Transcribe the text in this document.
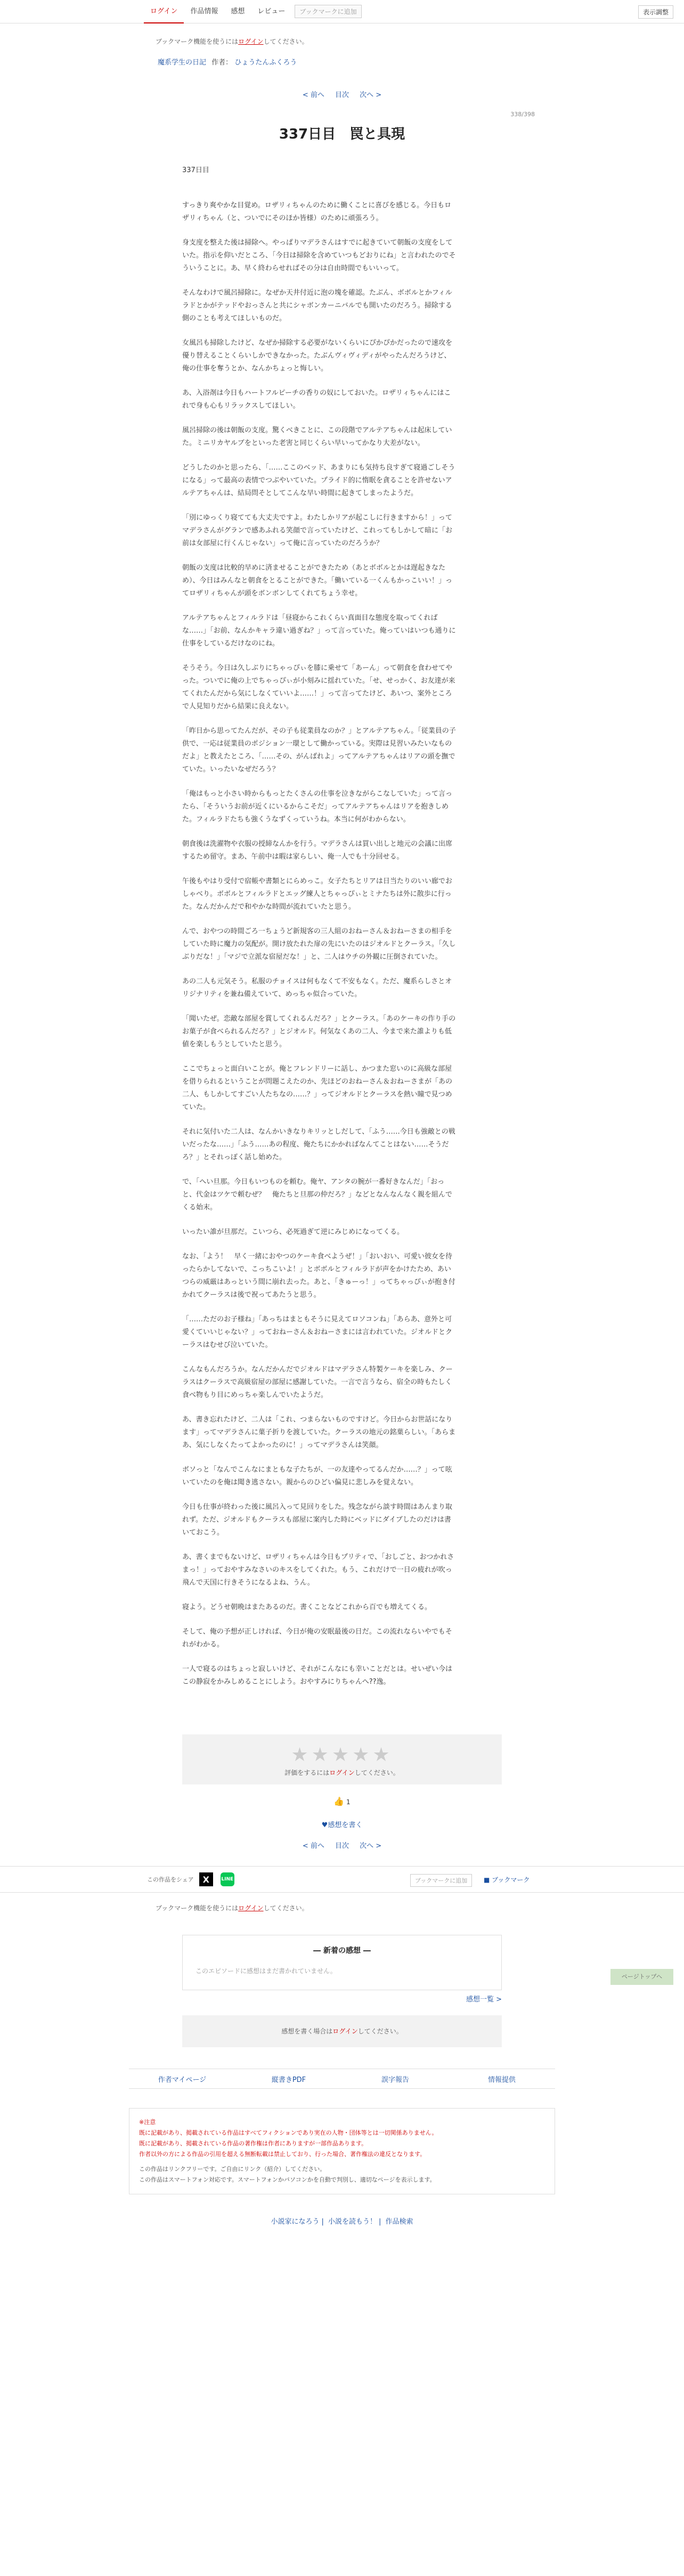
ログイン	作品情報	感想	レビュー	ブックマークに追加	表示調整
ブックマーク機能を使うにはログインしてください。
魔系学生の日記 作者： ひょうたんふくろう
< 前へ 目次 次へ >
338/398
337日目　罠と具現

337日目

すっきり爽やかな目覚め。ロザリィちゃんのために働くことに喜びを感じる。今日もロザリィちゃん（と、ついでにそのほか皆様）のために頑張ろう。

身支度を整えた後は掃除へ。やっぱりマデラさんはすでに起きていて朝飯の支度をしていた。指示を仰いだところ、「今日は掃除を含めていつもどおりにね」と言われたのでそういうことに。あ、早く終わらせればその分は自由時間でもいいって。

そんなわけで風呂掃除に。なぜか天井付近に泡の塊を確認。たぶん、ボボルとかフィルラドとかがテッドやおっさんと共にシャボンカーニバルでも開いたのだろう。掃除する側のことも考えてほしいものだ。

女風呂も掃除したけど、なぜか掃除する必要がないくらいにぴかぴかだったので速攻を優り替えることくらいしかできなかった。たぶんヴィヴィディがやったんだろうけど、俺の仕事を奪うとか、なんかちょっと悔しい。

あ、入浴剤は今日もハートフルピーチの香りの奴にしておいた。ロザリィちゃんにはこれで身も心もリラックスしてほしい。

風呂掃除の後は朝飯の支度。驚くべきことに、この段階でアルテアちゃんは起床していた。ミニリカヤルブをといった老害と同じくらい早いってかなり大差がない。

どうしたのかと思ったら、「……ここのベッド、あまりにも気持ち良すぎて寝過ごしそうになる」って最高の表情でつぶやいていた。プライド的に惰眠を貪ることを許せないアルテアちゃんは、結局問そとしてこんな早い時間に起きてしまったようだ。

「別にゆっくり寝てても大丈夫ですよ。わたしかリアが起こしに行きますから！」ってマデラさんがグランで感あふれる笑顔で言っていたけど、これってもしかして暗に「お前は女部屋に行くんじゃない」って俺に言っていたのだろうか？

朝飯の支度は比較的早めに済ませることができたため（あとボボルとかは遅起きなため）、今日はみんなと朝食をとることができた。「働いている一くんもかっこいい！」ってロザリィちゃんが頭をボンボンしてくれてちょう幸せ。

アルテアちゃんとフィルラドは「昼寝からこれくらい真面目な態度を取ってくればな……」「お前、なんかキャラ違い過ぎね？」って言っていた。俺っていはいつも通りに仕事をしているだけなのにね。

そうそう。今日は久しぶりにちゃっぴぃを膝に乗せて「あーん」って朝食を食わせてやった。ついでに俺の上でちゃっぴぃが小刻みに揺れていた。「せ、せっかく、お友達が来てくれたんだから気にしなくていいよ……！」って言ってたけど、あいつ、案外ところで人見知りだから結果に良えない。

「昨日から思ってたんだが、その子も従業員なのか？」とアルテアちゃん。「従業員の子供で、一応は従業員のポジション一環として働かっている。実際は見習いみたいなものだよ」と教えたところ、「……その、がんばれよ」ってアルテアちゃんはリアの頭を撫でていた。いったいなぜだろう？

「俺はもっと小さい時からもっとたくさんの仕事を泣きながらこなしていた」って言ったら、「そういうお前が近くにいるからこそだ」ってアルテアちゃんはリアを抱きしめた。フィルラドたちも強くうなずくっていうね。本当に何がわからない。

朝食後は洗濯物や衣服の授締なんかを行う。マデラさんは買い出しと地元の会議に出席するため留守。まあ、午前中は暇は家らしい、俺一人でも十分回せる。

午後もやはり受付で宿帳や書類とにらめっこ。女子たちとリアは日当たりのいい廊でおしゃべり。ボボルとフィルラドとエッグ練人とちゃっぴぃとミナたちは外に散歩に行った。なんだかんだで和やかな時間が流れていたと思う。

んで、おやつの時間ごろ一ちょうど新規客の三人組のおねーさん＆おねーさまの相手をしていた時に魔力の気配が。開け放たれた扉の先にいたのはジオルドとクーラス。「久しぶりだな！」「マジで立派な宿屋だな！」と、二人はウチの外観に圧倒されていた。

あの二人も元気そう。私服のチョイスは何もなくて不安もなく。ただ、魔系らしさとオリジナリティを兼ね備えていて、めっちゃ似合っていた。

「聞いたぜ。恋敵な部屋を賞してくれるんだろ？」とクーラス。「あのケーキの作り手のお菓子が食べられるんだろ？」とジオルド。何気なくあの二人、今まで来た誰よりも低値を楽しもうとしていたと思う。

ここでちょっと面白いことが。俺とフレンドリーに話し、かつまた窓いのに高級な部屋を借りられるということが問題こえたのか、先ほどのおねーさん＆おねーさまが「あの二人、もしかしてすごい人たちなの……？」ってジオルドとクーラスを熱い瞳で見つめていた。

それに気付いた二人は、なんかいきなりキリッとしだして、「ふう……今日も強敵との戦いだったな……」「ふう……あの程度、俺たちにかかればなんてことはない……そうだろ？」とそれっぽく話し始めた。

で、「へい旦那。今日もいつものを頼む。俺ヤ、アンタの腕が一番好きなんだ」「おっと、代金はツケで頼むぜ？　俺たちと旦那の仲だろ？」などとなんなんなく親を組んでくる始末。

いったい誰が旦那だ。こいつら、必死過ぎて逆にみじめになってくる。

なお、「よう！　早く一緒におやつのケーキ食べようぜ！」「おいおい、可愛い彼女を待ったらかしてないで、こっちこいよ！」とボボルとフィルラドが声をかけたため、あいつらの威厳はあっという間に崩れ去った。あと、「きゅーっ！」ってちゃっぴぃが抱き付かれてクーラスは後で祝ってあたうと思う。

「……ただのお子様ね」「あっちはまともそうに見えてロソコンね」「あらあ、意外と可愛くていいじゃない？」っておねーさん＆おねーさまには言われていた。ジオルドとクーラスはむせび泣いていた。

こんなもんだろうか。なんだかんだでジオルドはマデラさん特製ケーキを楽しみ、クーラスはクーラスで高級宿屋の部屋に感謝していた。一言で言うなら、宿全の時もたしく食べ物もり目にめっちゃ楽しんでいたようだ。

あ、書き忘れたけど、二人は「これ、つまらないものですけど。今日からお世話になります」ってマデラさんに菓子折りを渡していた。クーラスの地元の銘菓らしい。「あらまあ、気にしなくたってよかったのに！」ってマデラさんは笑顔。

ボソっと「なんでこんなにまともな子たちが、一の友達やってるんだか……？」って呟いていたのを俺は聞き逃さない。親からのひどい偏見に悲しみを覚えない。

今日も仕事が終わった後に風呂入って見回りをした。残念ながら談す時間はあんまり取れず。ただ、ジオルドもクーラスも部屋に案内した時にベッドにダイブしたのだけは書いておこう。

あ、書くまでもないけど、ロザリィちゃんは今日もプリティで、「おしごと、おつかれさまっ！」っておやすみなさいのキスをしてくれた。もう、これだけで一日の疲れが吹っ飛んで天国に行きそうになるよね、うん。

寝よう。どうせ朝晩はまたあるのだ。書くことなどこれから百でも増えてくる。

そして、俺の予想が正しければ、今日が俺の安眠最後の日だ。この流れならいやでもそれがわかる。

一人で寝るのはちょっと寂しいけど、それがこんなにも幸いことだとは。せいぜい今はこの静寂をかみしめることにしよう。おやすみにりちゃんへ??逸。

★★★★★
評価をするにはログインしてください。
👍 1
♥感想を書く
< 前へ 目次 次へ >
この作品をシェア	X	LINE	ブックマークに追加	■ ブックマーク
ブックマーク機能を使うにはログインしてください。
― 新着の感想 ―
このエピソードに感想はまだ書かれていません。
感想一覧 >
感想を書く場合はログインしてください。
作者マイページ	縦書きPDF	誤字報告	情報提供
※注意
既に記載があり、掲載されている作品はすべてフィクションであり実在の人物・団体等とは一切関係ありません。
既に記載があり、掲載されている作品の著作権は作者にありますが一部作品あります。
作者以外の方による作品の引用を超える無断転載は禁止しており、行った場合、著作権法の違反となります。
この作品はリンクフリーです。ご自由にリンク（紹介）してください。
この作品はスマートフォン対応です。スマートフォンかパソコンかを自動で判別し、適切なページを表示します。
小説家になろう | 小説を読もう！ | 作品検索
ページトップへ
